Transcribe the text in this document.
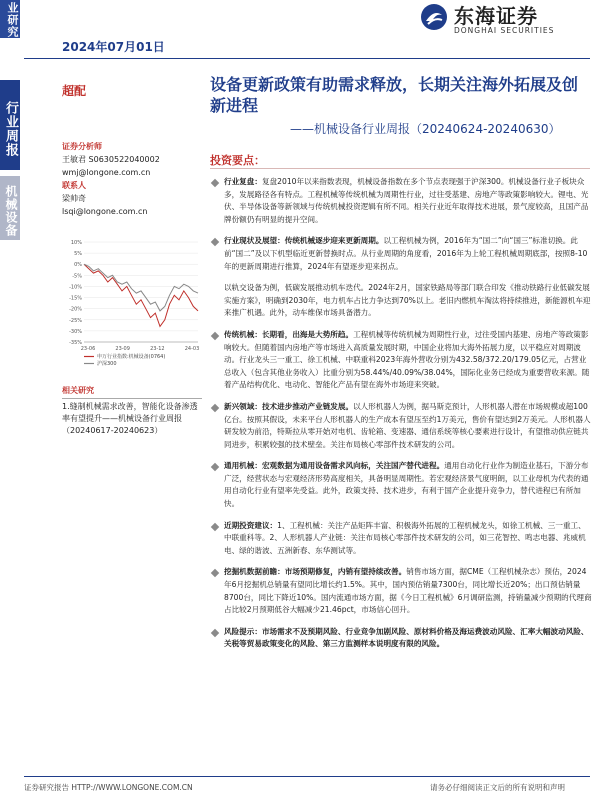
业研究
行业周报
机械设备
2024年07月01日
东海证券
DONGHAI SECURITIES
超配	设备更新政策有助需求释放，长期关注海外拓展及创新进程
——机械设备行业周报（20240624-20240630）
证券分析师
王敏君 S0630522040002
wmj@longone.com.cn
联系人
梁帅奇
lsqi@longone.com.cn
10%
5%
0%
-5%
-10%
-15%
-20%
-25%
-30%
-35%
23-06	23-09	23-12	24-03
申万行业指数:机械设备(0764)
沪深300
相关研究
1.缝制机械需求改善，智能化设备渗透率有望提升——机械设备行业周报（20240617-20240623）
投资要点：
行业复盘：复盘2010年以来指数表现，机械设备指数在多个节点表现强于沪深300。机械设备行业子板块众多，发展路径各有特点。工程机械等传统机械为周期性行业，过往受基建、房地产等政策影响较大。锂电、光伏、半导体设备等新领域与传统机械投资逻辑有所不同。相关行业近年取得技术进展，景气度较高，且国产品牌份额仍有明显的提升空间。
行业现状及展望：传统机械逐步迎来更新周期。以工程机械为例，2016年为“国二”向“国三”标准切换。此前“国二”及以下机型临近更新替换时点。从行业周期的角度看，2016年为上轮工程机械周期底部，按照8-10年的更新周期进行推算，2024年有望逐步迎来拐点。
以轨交设备为例，低碳发展推动机车迭代。2024年2月，国家铁路局等部门联合印发《推动铁路行业低碳发展实施方案》，明确到2030年，电力机车占比力争达到70%以上。老旧内燃机车淘汰将持续推进，新能源机车迎来推广机遇。此外，动车维保市场具备潜力。
传统机械：长期看，出海是大势所趋。工程机械等传统机械为周期性行业，过往受国内基建、房地产等政策影响较大。但随着国内房地产等市场进入高质量发展时期，中国企业将加大海外拓展力度，以平稳应对周期波动。行业龙头三一重工、徐工机械、中联重科2023年海外营收分别为432.58/372.20/179.05亿元，占营业总收入（包含其他业务收入）比重分别为58.44%/40.09%/38.04%，国际化业务已经成为重要营收来源。随着产品结构优化、电动化、智能化产品有望在海外市场迎来突破。
新兴领域：技术进步推动产业链发展。以人形机器人为例，据马斯克预计，人形机器人潜在市场规模或超100亿台。按照其假设，未来平台人形机器人的生产成本有望压至约1万美元，售价有望达到2万美元。人形机器人研发较为前沿，特斯拉从零开始对电机、齿轮箱、变速器、通信系统等核心要素进行设计，有望推动供应链共同进步，积累较强的技术壁垒。关注布局核心零部件技术研发的公司。
通用机械：宏观数据为通用设备需求风向标，关注国产替代进程。通用自动化行业作为制造业基石，下游分布广泛，经营状态与宏观经济形势高度相关，具备明显周期性。若宏观经济景气度明朗，以工业母机为代表的通用自动化行业有望率先受益。此外，政策支持、技术进步，有利于国产企业提升竞争力，替代进程已有所加快。
近期投资建议：1、工程机械：关注产品矩阵丰富、积极海外拓展的工程机械龙头，如徐工机械、三一重工、中联重科等。2、人形机器人产业链：关注布局核心零部件技术研发的公司，如三花智控、鸣志电器、兆威机电、绿的谐波、五洲新春、东华测试等。
挖掘机数据前瞻：市场预期修复，内销有望持续改善。销售市场方面，据CME（工程机械杂志）预估，2024年6月挖掘机总销量有望同比增长约1.5%。其中，国内预估销量7300台，同比增长近20%；出口预估销量8700台，同比下降近10%。国内流通市场方面，据《今日工程机械》6月调研监测，持销量减少预期的代理商占比较2月预期低谷大幅减少21.46pct，市场信心回升。
风险提示：市场需求不及预期风险、行业竞争加剧风险、原材料价格及海运费波动风险、汇率大幅波动风险、关税等贸易政策变化的风险、第三方监测样本说明度有限的风险。
证券研究报告 HTTP://WWW.LONGONE.COM.CN	请务必仔细阅读正文后的所有说明和声明
